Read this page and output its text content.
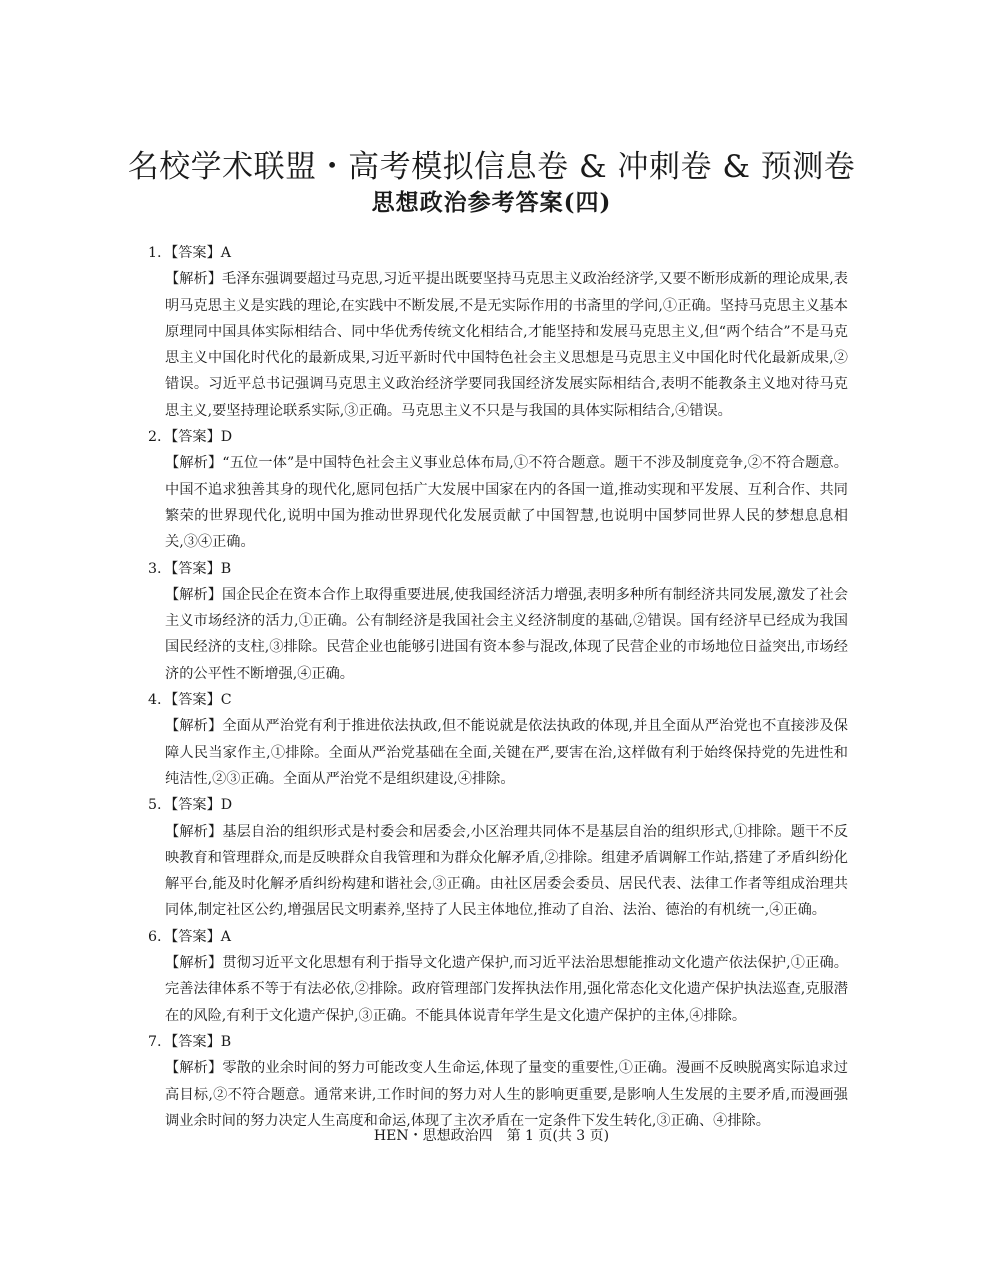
名校学术联盟・高考模拟信息卷 & 冲刺卷 & 预测卷
思想政治参考答案(四)

1. 【答案】A

【解析】毛泽东强调要超过马克思,习近平提出既要坚持马克思主义政治经济学,又要不断形成新的理论成果,表明马克思主义是实践的理论,在实践中不断发展,不是无实际作用的书斋里的学问,①正确。坚持马克思主义基本原理同中国具体实际相结合、同中华优秀传统文化相结合,才能坚持和发展马克思主义,但“两个结合”不是马克思主义中国化时代化的最新成果,习近平新时代中国特色社会主义思想是马克思主义中国化时代化最新成果,②错误。习近平总书记强调马克思主义政治经济学要同我国经济发展实际相结合,表明不能教条主义地对待马克思主义,要坚持理论联系实际,③正确。马克思主义不只是与我国的具体实际相结合,④错误。

2. 【答案】D

【解析】“五位一体”是中国特色社会主义事业总体布局,①不符合题意。题干不涉及制度竞争,②不符合题意。中国不追求独善其身的现代化,愿同包括广大发展中国家在内的各国一道,推动实现和平发展、互利合作、共同繁荣的世界现代化,说明中国为推动世界现代化发展贡献了中国智慧,也说明中国梦同世界人民的梦想息息相关,③④正确。

3. 【答案】B

【解析】国企民企在资本合作上取得重要进展,使我国经济活力增强,表明多种所有制经济共同发展,激发了社会主义市场经济的活力,①正确。公有制经济是我国社会主义经济制度的基础,②错误。国有经济早已经成为我国国民经济的支柱,③排除。民营企业也能够引进国有资本参与混改,体现了民营企业的市场地位日益突出,市场经济的公平性不断增强,④正确。

4. 【答案】C

【解析】全面从严治党有利于推进依法执政,但不能说就是依法执政的体现,并且全面从严治党也不直接涉及保障人民当家作主,①排除。全面从严治党基础在全面,关键在严,要害在治,这样做有利于始终保持党的先进性和纯洁性,②③正确。全面从严治党不是组织建设,④排除。

5. 【答案】D

【解析】基层自治的组织形式是村委会和居委会,小区治理共同体不是基层自治的组织形式,①排除。题干不反映教育和管理群众,而是反映群众自我管理和为群众化解矛盾,②排除。组建矛盾调解工作站,搭建了矛盾纠纷化解平台,能及时化解矛盾纠纷构建和谐社会,③正确。由社区居委会委员、居民代表、法律工作者等组成治理共同体,制定社区公约,增强居民文明素养,坚持了人民主体地位,推动了自治、法治、德治的有机统一,④正确。

6. 【答案】A

【解析】贯彻习近平文化思想有利于指导文化遗产保护,而习近平法治思想能推动文化遗产依法保护,①正确。完善法律体系不等于有法必依,②排除。政府管理部门发挥执法作用,强化常态化文化遗产保护执法巡查,克服潜在的风险,有利于文化遗产保护,③正确。不能具体说青年学生是文化遗产保护的主体,④排除。

7. 【答案】B

【解析】零散的业余时间的努力可能改变人生命运,体现了量变的重要性,①正确。漫画不反映脱离实际追求过高目标,②不符合题意。通常来讲,工作时间的努力对人生的影响更重要,是影响人生发展的主要矛盾,而漫画强调业余时间的努力决定人生高度和命运,体现了主次矛盾在一定条件下发生转化,③正确、④排除。

HEN・思想政治四　第 1 页(共 3 页)
